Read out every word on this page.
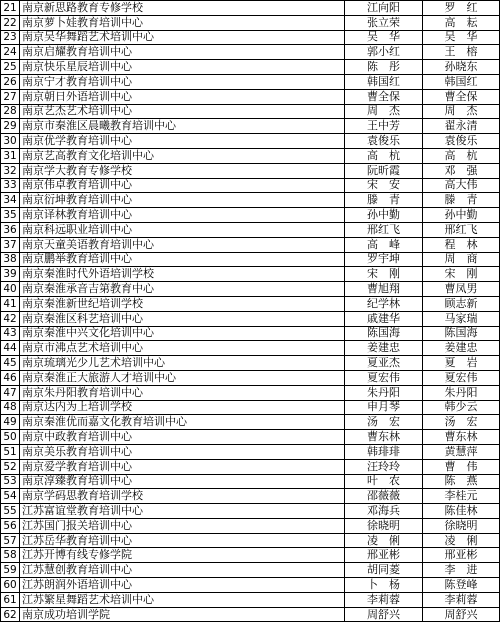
21	南京新思路教育专修学校	江向阳	罗　红
22	南京萝卜娃教育培训中心	张立荣	高　耘
23	南京吴华舞蹈艺术培训中心	吴　华	吴　华
24	南京启耀教育培训中心	郭小红	王　榕
25	南京快乐星辰培训中心	陈　彤	孙晓东
26	南京宁才教育培训中心	韩国红	韩国红
27	南京朝日外语培训中心	曹全保	曹全保
28	南京艺杰艺术培训中心	周　杰	周　杰
29	南京市秦淮区晨曦教育培训中心	王中芳	翟永清
30	南京优学教育培训中心	袁俊乐	袁俊乐
31	南京艺高教育文化培训中心	高　杭	高　杭
32	南京学大教育专修学校	阮昕霞	邓　强
33	南京伟卓教育培训中心	宋　安	高大伟
34	南京衍坤教育培训中心	滕　青	滕　青
35	南京译林教育培训中心	孙中勤	孙中勤
36	南京科远职业培训中心	邢红飞	邢红飞
37	南京天童美语教育培训中心	高　峰	程　林
38	南京鹏举教育培训中心	罗宇坤	周　商
39	南京秦淮时代外语培训学校	宋　刚	宋　刚
40	南京秦淮承音吉第教育中心	曹旭翔	曹凤男
41	南京秦淮新世纪培训学校	纪学林	顾志新
42	南京秦淮区科艺培训中心	戚建华	马家瑞
43	南京秦淮中兴文化培训中心	陈国海	陈国海
44	南京市沸点艺术培训中心	姜建忠	姜建忠
45	南京琉璃光少儿艺术培训中心	夏亚杰	夏　岩
46	南京秦淮正大旅游人才培训中心	夏宏伟	夏宏伟
47	南京朱丹阳教育培训中心	朱丹阳	朱丹阳
48	南京达内为上培训学校	申月琴	韩少云
49	南京秦淮优而嘉文化教育培训中心	汤　宏	汤　宏
50	南京中政教育培训中心	曹东林	曹东林
51	南京美乐教育培训中心	韩琲琲	黄慧萍
52	南京爱学教育培训中心	汪玲玲	曹　伟
53	南京淳臻教育培训中心	叶　农	陈　燕
54	南京学码思教育培训学校	邵薇薇	李桂元
55	江苏富谊堂教育培训中心	邓海兵	陈佳林
56	江苏国门报关培训中心	徐晓明	徐晓明
57	江苏岳华教育培训中心	凌　俐	凌　俐
58	江苏开博有线专修学院	邢亚彬	邢亚彬
59	江苏慧创教育培训中心	胡同菱	李　进
60	江苏朗润外语培训中心	卜　杨	陈登峰
61	江苏繁星舞蹈艺术培训中心	李莉蓉	李莉蓉
62	南京成功培训学院	周舒兴	周舒兴
